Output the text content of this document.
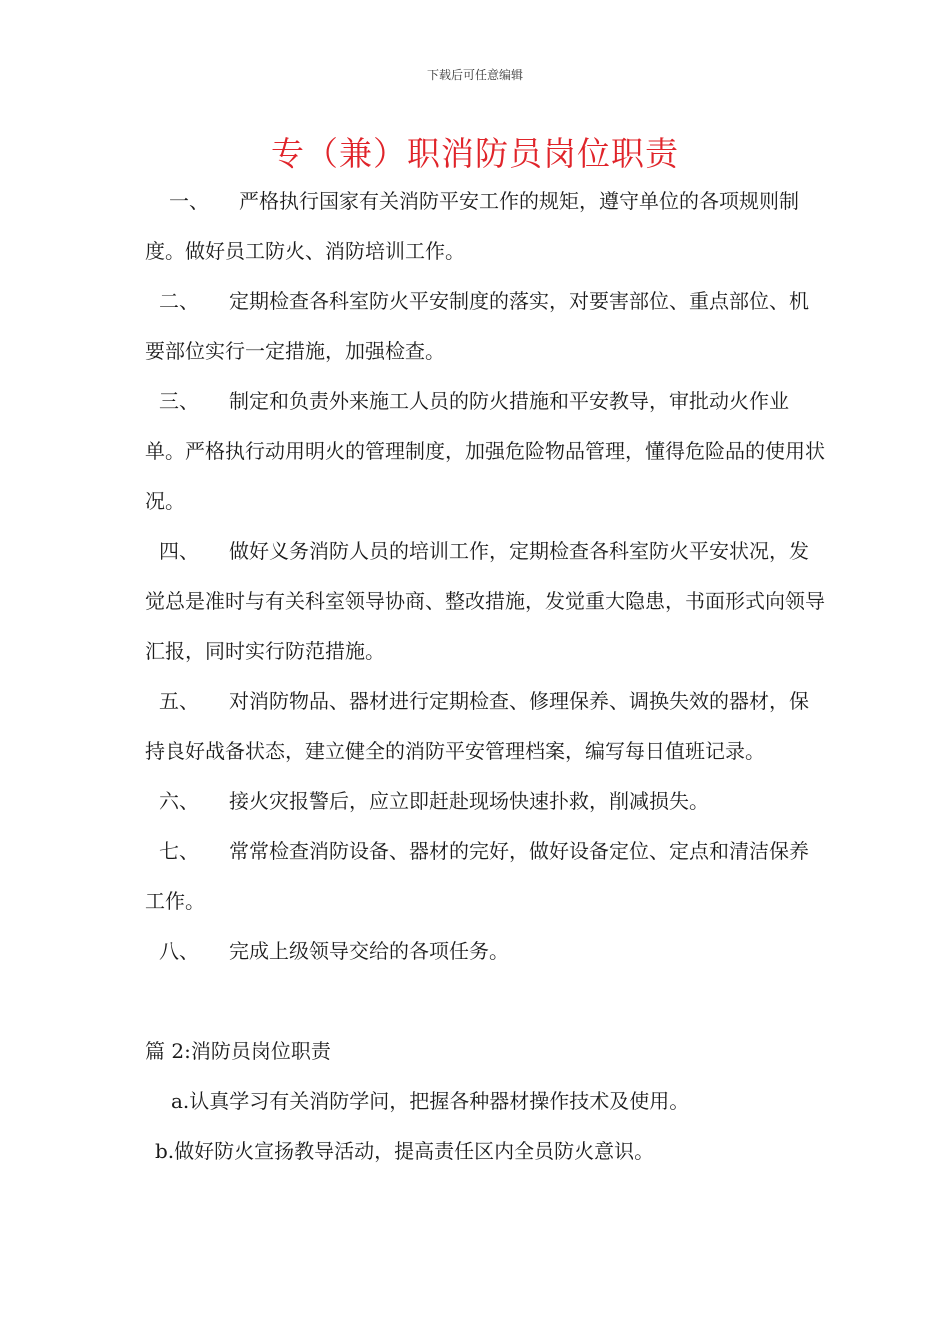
下载后可任意编辑
专（兼）职消防员岗位职责

一、 严格执行国家有关消防平安工作的规矩，遵守单位的各项规则制度。做好员工防火、消防培训工作。

二、 定期检查各科室防火平安制度的落实，对要害部位、重点部位、机要部位实行一定措施，加强检查。

三、 制定和负责外来施工人员的防火措施和平安教导，审批动火作业单。严格执行动用明火的管理制度，加强危险物品管理，懂得危险品的使用状况。

四、 做好义务消防人员的培训工作，定期检查各科室防火平安状况，发觉总是准时与有关科室领导协商、整改措施，发觉重大隐患，书面形式向领导汇报，同时实行防范措施。

五、 对消防物品、器材进行定期检查、修理保养、调换失效的器材，保持良好战备状态，建立健全的消防平安管理档案，编写每日值班记录。

六、 接火灾报警后，应立即赶赴现场快速扑救，削减损失。

七、 常常检查消防设备、器材的完好，做好设备定位、定点和清洁保养工作。

八、 完成上级领导交给的各项任务。

篇 2:消防员岗位职责

a.认真学习有关消防学问，把握各种器材操作技术及使用。

b.做好防火宣扬教导活动，提高责任区内全员防火意识。
